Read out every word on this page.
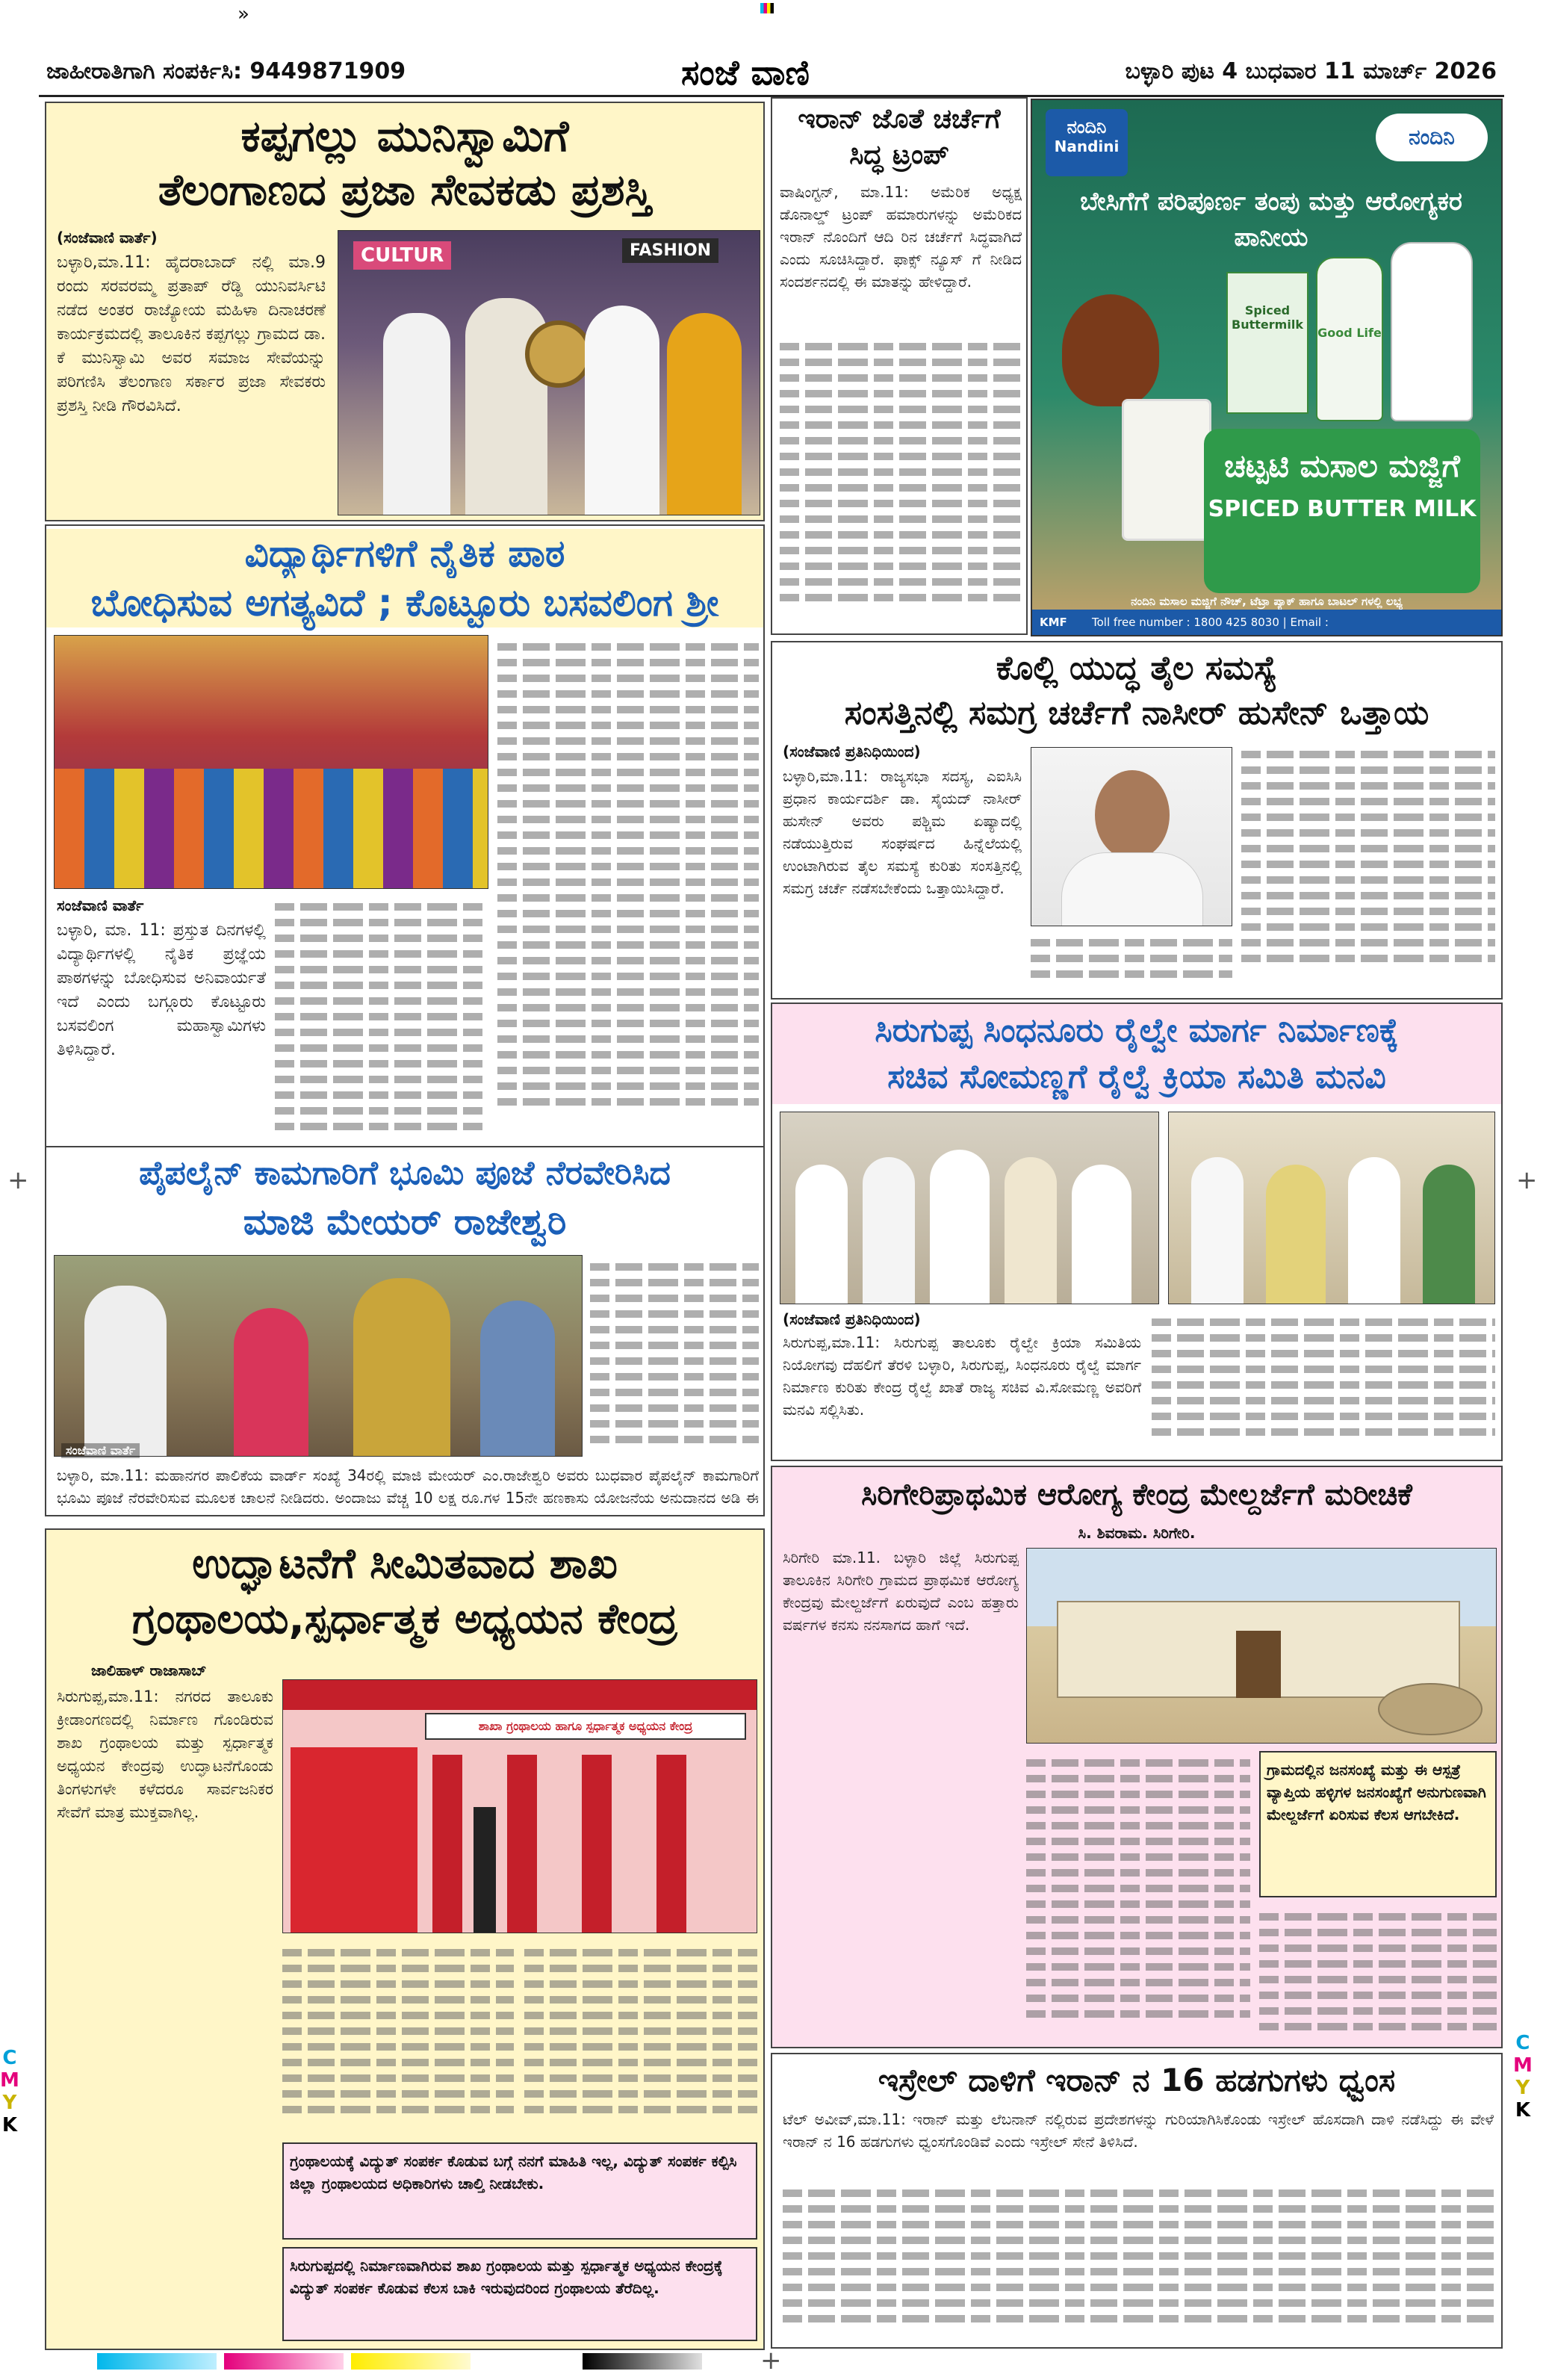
»
ಜಾಹೀರಾತಿಗಾಗಿ ಸಂಪರ್ಕಿಸಿ: 9449871909	ಸಂಜೆ ವಾಣಿ	ಬಳ್ಳಾರಿ ಪುಟ 4 ಬುಧವಾರ 11 ಮಾರ್ಚ್ 2026
ಕಪ್ಪಗಲ್ಲು ಮುನಿಸ್ವಾಮಿಗೆ
ತೆಲಂಗಾಣದ ಪ್ರಜಾ ಸೇವಕಡು ಪ್ರಶಸ್ತಿ
(ಸಂಜೆವಾಣಿ ವಾರ್ತೆ)
ಬಳ್ಳಾರಿ,ಮಾ.11: ಹೈದರಾಬಾದ್ ನಲ್ಲಿ ಮಾ.9 ರಂದು ಸರವರಮ್ಮ ಪ್ರತಾಪ್ ರೆಡ್ಡಿ ಯುನಿವರ್ಸಿಟಿ ನಡೆದ ಅಂತರ ರಾಜ್ಯೋಯ ಮಹಿಳಾ ದಿನಾಚರಣೆ ಕಾರ್ಯಕ್ರಮದಲ್ಲಿ ತಾಲೂಕಿನ ಕಪ್ಪಗಲ್ಲು ಗ್ರಾಮದ ಡಾ. ಕೆ ಮುನಿಸ್ವಾಮಿ ಅವರ ಸಮಾಜ ಸೇವೆಯನ್ನು ಪರಿಗಣಿಸಿ ತೆಲಂಗಾಣ ಸರ್ಕಾರ ಪ್ರಜಾ ಸೇವಕರು ಪ್ರಶಸ್ತಿ ನೀಡಿ ಗೌರವಿಸಿದೆ.
CULTUR	FASHION
ವಿದ್ಯಾರ್ಥಿಗಳಿಗೆ ನೈತಿಕ ಪಾಠ
ಬೋಧಿಸುವ ಅಗತ್ಯವಿದೆ ; ಕೊಟ್ಟೂರು ಬಸವಲಿಂಗ ಶ್ರೀ
ಸಂಜೆವಾಣಿ ವಾರ್ತೆ
ಬಳ್ಳಾರಿ, ಮಾ. 11: ಪ್ರಸ್ತುತ ದಿನಗಳಲ್ಲಿ ವಿದ್ಯಾರ್ಥಿಗಳಲ್ಲಿ ನೈತಿಕ ಪ್ರಜ್ಞೆಯ ಪಾಠಗಳನ್ನು ಬೋಧಿಸುವ ಅನಿವಾರ್ಯತೆ ಇದೆ ಎಂದು ಬಗ್ಗೂರು ಕೊಟ್ಟೂರು ಬಸವಲಿಂಗ ಮಹಾಸ್ವಾಮಿಗಳು ತಿಳಿಸಿದ್ದಾರೆ.
ಪೈಪಲೈನ್ ಕಾಮಗಾರಿಗೆ ಭೂಮಿ ಪೂಜೆ ನೆರವೇರಿಸಿದ
ಮಾಜಿ ಮೇಯರ್ ರಾಜೇಶ್ವರಿ
ಬಳ್ಳಾರಿ, ಮಾ.11: ಮಹಾನಗರ ಪಾಲಿಕೆಯ ವಾರ್ಡ್ ಸಂಖ್ಯೆ 34ರಲ್ಲಿ ಮಾಜಿ ಮೇಯರ್ ಎಂ.ರಾಜೇಶ್ವರಿ ಅವರು ಬುಧವಾರ ಪೈಪಲೈನ್ ಕಾಮಗಾರಿಗೆ ಭೂಮಿ ಪೂಜೆ ನೆರವೇರಿಸುವ ಮೂಲಕ ಚಾಲನೆ ನೀಡಿದರು. ಅಂದಾಜು ವೆಚ್ಚ 10 ಲಕ್ಷ ರೂ.ಗಳ 15ನೇ ಹಣಕಾಸು ಯೋಜನೆಯ ಅನುದಾನದ ಅಡಿ ಈ
ಸಂಜೆವಾಣಿ ವಾರ್ತೆ
ಉದ್ಘಾಟನೆಗೆ ಸೀಮಿತವಾದ ಶಾಖ
ಗ್ರಂಥಾಲಯ,ಸ್ಪರ್ಧಾತ್ಮಕ ಅಧ್ಯಯನ ಕೇಂದ್ರ
ಜಾಲಿಹಾಳ್ ರಾಜಾಸಾಬ್
ಸಿರುಗುಪ್ಪ,ಮಾ.11: ನಗರದ ತಾಲೂಕು ಕ್ರೀಡಾಂಗಣದಲ್ಲಿ ನಿರ್ಮಾಣ ಗೊಂಡಿರುವ ಶಾಖ ಗ್ರಂಥಾಲಯ ಮತ್ತು ಸ್ಪರ್ಧಾತ್ಮಕ ಅಧ್ಯಯನ ಕೇಂದ್ರವು ಉದ್ಘಾಟನೆಗೊಂಡು ತಿಂಗಳುಗಳೇ ಕಳೆದರೂ ಸಾರ್ವಜನಿಕರ ಸೇವೆಗೆ ಮಾತ್ರ ಮುಕ್ತವಾಗಿಲ್ಲ.
ಶಾಖಾ ಗ್ರಂಥಾಲಯ ಹಾಗೂ ಸ್ಪರ್ಧಾತ್ಮಕ ಅಧ್ಯಯನ ಕೇಂದ್ರ
ಗ್ರಂಥಾಲಯಕ್ಕೆ ವಿದ್ಯುತ್ ಸಂಪರ್ಕ ಕೊಡುವ ಬಗ್ಗೆ ನನಗೆ ಮಾಹಿತಿ ಇಲ್ಲ, ವಿದ್ಯುತ್ ಸಂಪರ್ಕ ಕಲ್ಪಿಸಿ ಜಿಲ್ಲಾ ಗ್ರಂಥಾಲಯದ ಅಧಿಕಾರಿಗಳು ಚಾಲ್ತಿ ನೀಡಬೇಕು.
ಸಿರುಗುಪ್ಪದಲ್ಲಿ ನಿರ್ಮಾಣವಾಗಿರುವ ಶಾಖ ಗ್ರಂಥಾಲಯ ಮತ್ತು ಸ್ಪರ್ಧಾತ್ಮಕ ಅಧ್ಯಯನ ಕೇಂದ್ರಕ್ಕೆ ವಿದ್ಯುತ್ ಸಂಪರ್ಕ ಕೊಡುವ ಕೆಲಸ ಬಾಕಿ ಇರುವುದರಿಂದ ಗ್ರಂಥಾಲಯ ತೆರೆದಿಲ್ಲ.
ಇರಾನ್ ಜೊತೆ ಚರ್ಚೆಗೆ
ಸಿದ್ಧ ಟ್ರಂಪ್
ವಾಷಿಂಗ್ಟನ್, ಮಾ.11: ಅಮೆರಿಕ ಅಧ್ಯಕ್ಷ ಡೊನಾಲ್ಡ್ ಟ್ರಂಪ್ ಹಮಾರುಗಳನ್ನು ಅಮೆರಿಕದ ಇರಾನ್ ನೊಂದಿಗೆ ಆದಿ ರಿನ ಚರ್ಚೆಗೆ ಸಿದ್ಧವಾಗಿದೆ ಎಂದು ಸೂಚಿಸಿದ್ದಾರೆ. ಫಾಕ್ಸ್ ನ್ಯೂಸ್ ಗೆ ನೀಡಿದ ಸಂದರ್ಶನದಲ್ಲಿ ಈ ಮಾತನ್ನು ಹೇಳಿದ್ದಾರೆ.
ನಂದಿನಿ
Nandini	ನಂದಿನಿ
ಬೇಸಿಗೆಗೆ ಪರಿಪೂರ್ಣ ತಂಪು ಮತ್ತು ಆರೋಗ್ಯಕರ ಪಾನೀಯ
Spiced Buttermilk
Good Life
ಚಟ್ಪಟಿ ಮಸಾಲ ಮಜ್ಜಿಗೆ
SPICED BUTTER MILK
ನಂದಿನಿ ಮಸಾಲ ಮಜ್ಜಿಗೆ ನೌಚ್, ಟೆಟ್ರಾ ಪ್ಯಾಕ್ ಹಾಗೂ ಬಾಟಲ್ ಗಳಲ್ಲಿ ಲಭ್ಯ
KMF Toll free number : 1800 425 8030 | Email :
ಕೊಲ್ಲಿ ಯುದ್ಧ ತೈಲ ಸಮಸ್ಯೆ
ಸಂಸತ್ತಿನಲ್ಲಿ ಸಮಗ್ರ ಚರ್ಚೆಗೆ ನಾಸೀರ್ ಹುಸೇನ್ ಒತ್ತಾಯ
(ಸಂಜೆವಾಣಿ ಪ್ರತಿನಿಧಿಯಿಂದ)
ಬಳ್ಳಾರಿ,ಮಾ.11: ರಾಜ್ಯಸಭಾ ಸದಸ್ಯ, ಎಐಸಿಸಿ ಪ್ರಧಾನ ಕಾರ್ಯದರ್ಶಿ ಡಾ. ಸೈಯದ್ ನಾಸೀರ್ ಹುಸೇನ್ ಅವರು ಪಶ್ಚಿಮ ಏಷ್ಯಾದಲ್ಲಿ ನಡೆಯುತ್ತಿರುವ ಸಂಘರ್ಷದ ಹಿನ್ನೆಲೆಯಲ್ಲಿ ಉಂಟಾಗಿರುವ ತೈಲ ಸಮಸ್ಯೆ ಕುರಿತು ಸಂಸತ್ತಿನಲ್ಲಿ ಸಮಗ್ರ ಚರ್ಚೆ ನಡೆಸಬೇಕೆಂದು ಒತ್ತಾಯಿಸಿದ್ದಾರೆ.
ಸಿರುಗುಪ್ಪ ಸಿಂಧನೂರು ರೈಲ್ವೇ ಮಾರ್ಗ ನಿರ್ಮಾಣಕ್ಕೆ
ಸಚಿವ ಸೋಮಣ್ಣಗೆ ರೈಲ್ವೆ ಕ್ರಿಯಾ ಸಮಿತಿ ಮನವಿ
(ಸಂಜೆವಾಣಿ ಪ್ರತಿನಿಧಿಯಿಂದ)
ಸಿರುಗುಪ್ಪ,ಮಾ.11: ಸಿರುಗುಪ್ಪ ತಾಲೂಕು ರೈಲ್ವೇ ಕ್ರಿಯಾ ಸಮಿತಿಯ ನಿಯೋಗವು ದೆಹಲಿಗೆ ತೆರಳಿ ಬಳ್ಳಾರಿ, ಸಿರುಗುಪ್ಪ, ಸಿಂಧನೂರು ರೈಲ್ವೆ ಮಾರ್ಗ ನಿರ್ಮಾಣ ಕುರಿತು ಕೇಂದ್ರ ರೈಲ್ವೆ ಖಾತೆ ರಾಜ್ಯ ಸಚಿವ ವಿ.ಸೋಮಣ್ಣ ಅವರಿಗೆ ಮನವಿ ಸಲ್ಲಿಸಿತು.
ಸಿರಿಗೇರಿಪ್ರಾಥಮಿಕ ಆರೋಗ್ಯ ಕೇಂದ್ರ ಮೇಲ್ದರ್ಜೆಗೆ ಮರೀಚಿಕೆ
ಸಿ. ಶಿವರಾಮ. ಸಿರಿಗೇರಿ.
ಸಿರಿಗೇರಿ ಮಾ.11. ಬಳ್ಳಾರಿ ಜಿಲ್ಲೆ ಸಿರುಗುಪ್ಪ ತಾಲೂಕಿನ ಸಿರಿಗೇರಿ ಗ್ರಾಮದ ಪ್ರಾಥಮಿಕ ಆರೋಗ್ಯ ಕೇಂದ್ರವು ಮೇಲ್ದರ್ಜೆಗೆ ಏರುವುದೆ ಎಂಬ ಹತ್ತಾರು ವರ್ಷಗಳ ಕನಸು ನನಸಾಗದ ಹಾಗೆ ಇದೆ.
ಗ್ರಾಮದಲ್ಲಿನ ಜನಸಂಖ್ಯೆ ಮತ್ತು ಈ ಆಸ್ಪತ್ರೆ ವ್ಯಾಪ್ತಿಯ ಹಳ್ಳಿಗಳ ಜನಸಂಖ್ಯೆಗೆ ಅನುಗುಣವಾಗಿ ಮೇಲ್ದರ್ಜೆಗೆ ಏರಿಸುವ ಕೆಲಸ ಆಗಬೇಕಿದೆ.
ಇಸ್ರೇಲ್ ದಾಳಿಗೆ ಇರಾನ್ ನ 16 ಹಡಗುಗಳು ಧ್ವಂಸ
ಟೆಲ್ ಅವೀವ್,ಮಾ.11: ಇರಾನ್ ಮತ್ತು ಲೆಬನಾನ್ ನಲ್ಲಿರುವ ಪ್ರದೇಶಗಳನ್ನು ಗುರಿಯಾಗಿಸಿಕೊಂಡು ಇಸ್ರೇಲ್ ಹೊಸದಾಗಿ ದಾಳಿ ನಡೆಸಿದ್ದು ಈ ವೇಳೆ ಇರಾನ್ ನ 16 ಹಡಗುಗಳು ಧ್ವಂಸಗೊಂಡಿವೆ ಎಂದು ಇಸ್ರೇಲ್ ಸೇನೆ ತಿಳಿಸಿದೆ.
C
M
Y
K
C
M
Y
K
+	+
+
